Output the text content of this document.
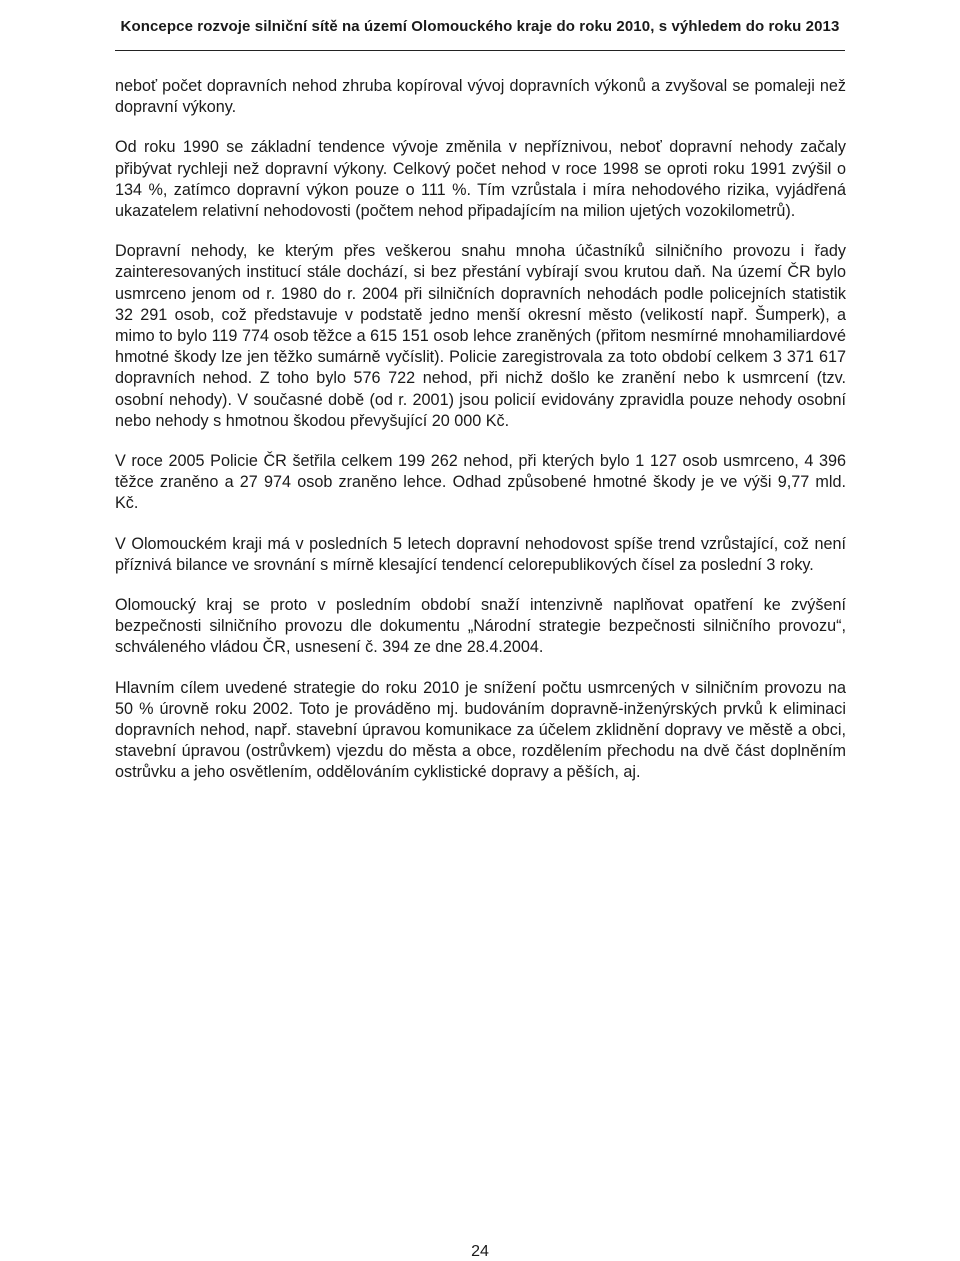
Koncepce rozvoje silniční sítě na území Olomouckého kraje do roku 2010, s výhledem do roku 2013

neboť počet dopravních nehod zhruba kopíroval vývoj dopravních výkonů a zvyšoval se pomaleji než dopravní výkony.

Od roku 1990 se základní tendence vývoje změnila v nepříznivou, neboť dopravní nehody začaly přibývat rychleji než dopravní výkony. Celkový počet nehod v roce 1998 se oproti roku 1991 zvýšil o 134 %, zatímco dopravní výkon pouze o 111 %. Tím vzrůstala i míra nehodového rizika, vyjádřená ukazatelem relativní nehodovosti (počtem nehod připadajícím na milion ujetých vozokilometrů).

Dopravní nehody, ke kterým přes veškerou snahu mnoha účastníků silničního provozu i řady zainteresovaných institucí stále dochází, si bez přestání vybírají svou krutou daň. Na území ČR bylo usmrceno jenom od r. 1980 do r. 2004 při silničních dopravních nehodách podle policejních statistik 32 291 osob, což představuje v podstatě jedno menší okresní město (velikostí např. Šumperk), a mimo to bylo 119 774 osob těžce a 615 151 osob lehce zraněných (přitom nesmírné mnohamiliardové hmotné škody lze jen těžko sumárně vyčíslit). Policie zaregistrovala za toto období celkem 3 371 617 dopravních nehod. Z toho bylo 576 722 nehod, při nichž došlo ke zranění nebo k usmrcení (tzv. osobní nehody). V současné době (od r. 2001) jsou policií evidovány zpravidla pouze nehody osobní nebo nehody s hmotnou škodou převyšující 20 000 Kč.

V roce 2005 Policie ČR šetřila celkem 199 262 nehod, při kterých bylo 1 127 osob usmrceno, 4 396 těžce zraněno a 27 974 osob zraněno lehce. Odhad způsobené hmotné škody je ve výši 9,77 mld. Kč.

V Olomouckém kraji má v posledních 5 letech dopravní nehodovost spíše trend vzrůstající, což není příznivá bilance ve srovnání s mírně klesající tendencí celorepublikových čísel za poslední 3 roky.

Olomoucký kraj se proto v posledním období snaží intenzivně naplňovat opatření ke zvýšení bezpečnosti silničního provozu dle dokumentu „Národní strategie bezpečnosti silničního provozu“, schváleného vládou ČR, usnesení č. 394 ze dne 28.4.2004.

Hlavním cílem uvedené strategie do roku 2010 je snížení počtu usmrcených v silničním provozu na 50 % úrovně roku 2002. Toto je prováděno mj. budováním dopravně-inženýrských prvků k eliminaci dopravních nehod, např. stavební úpravou komunikace za účelem zklidnění dopravy ve městě a obci, stavební úpravou (ostrůvkem) vjezdu do města a obce, rozdělením přechodu na dvě část doplněním ostrůvku a jeho osvětlením, oddělováním cyklistické dopravy a pěších, aj.

24
